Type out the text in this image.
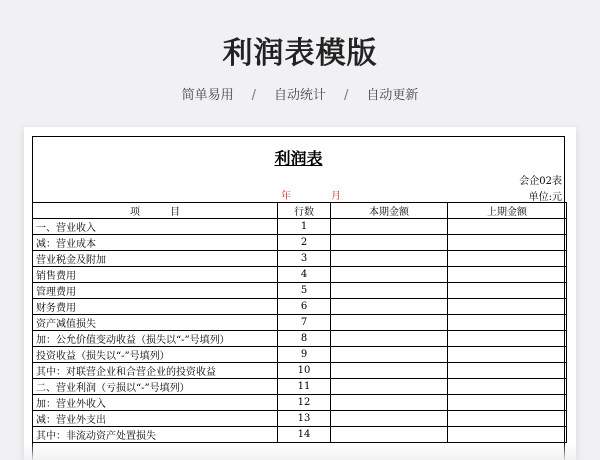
利润表模版
简单易用 / 自动统计 / 自动更新
利润表
会企02表
年	月	单位:元
项　　　目	行数	本期金额	上期金额
一、营业收入	1		
减：营业成本	2		
营业税金及附加	3		
销售费用	4		
管理费用	5		
财务费用	6		
资产减值损失	7		
加：公允价值变动收益（损失以“-”号填列）	8		
投资收益（损失以“-”号填列）	9		
其中：对联营企业和合营企业的投资收益	10		
二、营业利润（亏损以“-”号填列）	11		
加：营业外收入	12		
减：营业外支出	13		
其中：非流动资产处置损失	14		
